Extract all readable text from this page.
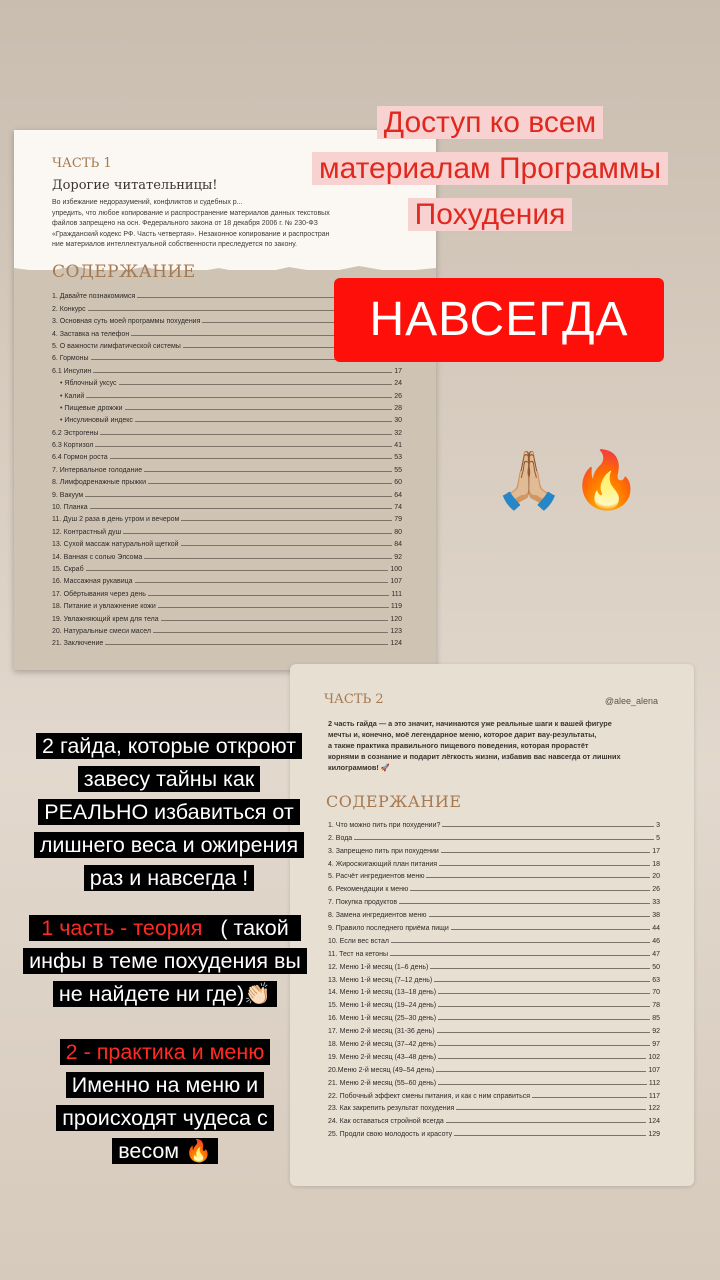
ЧАСТЬ 1
Дорогие читательницы!
Во избежание недоразумений, конфликтов и судебных р...
упредить, что любое копирование и распространение материалов данных текстовых
файлов запрещено на осн. Федерального закона от 18 декабря 2006 г. № 230-ФЗ
«Гражданский кодекс РФ. Часть четвертая». Незаконное копирование и распростран
ние материалов интеллектуальной собственности преследуется по закону.
СОДЕРЖАНИЕ
1. Давайте познакомимся
2. Конкурс
3. Основная суть моей программы похудения
4. Заставка на телефон
5. О важности лимфатической системы
6. Гормоны
6.1 Инсулин	17
• Яблочный уксус	24
• Калий	26
• Пищевые дрожжи	28
• Инсулиновый индекс	30
6.2 Эстрогены	32
6.3 Кортизол	41
6.4 Гормон роста	53
7. Интервальное голодание	55
8. Лимфодренажные прыжки	60
9. Вакуум	64
10. Планка	74
11. Душ 2 раза в день утром и вечером	79
12. Контрастный душ	80
13. Сухой массаж натуральной щеткой	84
14. Ванная с солью Эпсома	92
15. Скраб	100
16. Массажная рукавица	107
17. Обёртывания через день	111
18. Питание и увлажнение кожи	119
19. Увлажняющий крем для тела	120
20. Натуральные смеси масел	123
21. Заключение	124
ЧАСТЬ 2	@alee_alena
2 часть гайда — а это значит, начинаются уже реальные шаги к вашей фигуре
мечты и, конечно, моё легендарное меню, которое дарит вау-результаты,
а также практика правильного пищевого поведения, которая прорастёт
корнями в сознание и подарит лёгкость жизни, избавив вас навсегда от лишних
килограммов! 🚀
СОДЕРЖАНИЕ
1. Что можно пить при похудении?	3
2. Вода	5
3. Запрещено пить при похудении	17
4. Жиросжигающий план питания	18
5. Расчёт ингредиентов меню	20
6. Рекомендации к меню	26
7. Покупка продуктов	33
8. Замена ингредиентов меню	38
9. Правило последнего приёма пищи	44
10. Если вес встал	46
11. Тест на кетоны	47
12. Меню 1-й месяц (1–6 день)	50
13. Меню 1-й месяц (7–12 день)	63
14. Меню 1-й месяц (13–18 день)	70
15. Меню 1-й месяц (19–24 день)	78
16. Меню 1-й месяц (25–30 день)	85
17. Меню 2-й месяц (31-36 день)	92
18. Меню 2-й месяц (37–42 день)	97
19. Меню 2-й месяц (43–48 день)	102
20.Меню 2-й месяц (49–54 день)	107
21. Меню 2-й месяц (55–60 день)	112
22. Побочный эффект смены питания, и как с ним справиться	117
23. Как закрепить результат похудения	122
24. Как оставаться стройной всегда	124
25. Продли свою молодость и красоту	129
Доступ ко всем
материалам Программы
Похудения
НАВСЕГДА
🙏🏼🔥
2 гайда, которые откроют
завесу тайны как
РЕАЛЬНО избавиться от
лишнего веса и ожирения
раз и навсегда !
1 часть - теория ( такой
инфы в теме похудения вы
не найдете ни где)👏🏻
2 - практика и меню
Именно на меню и
происходят чудеса с
весом 🔥
